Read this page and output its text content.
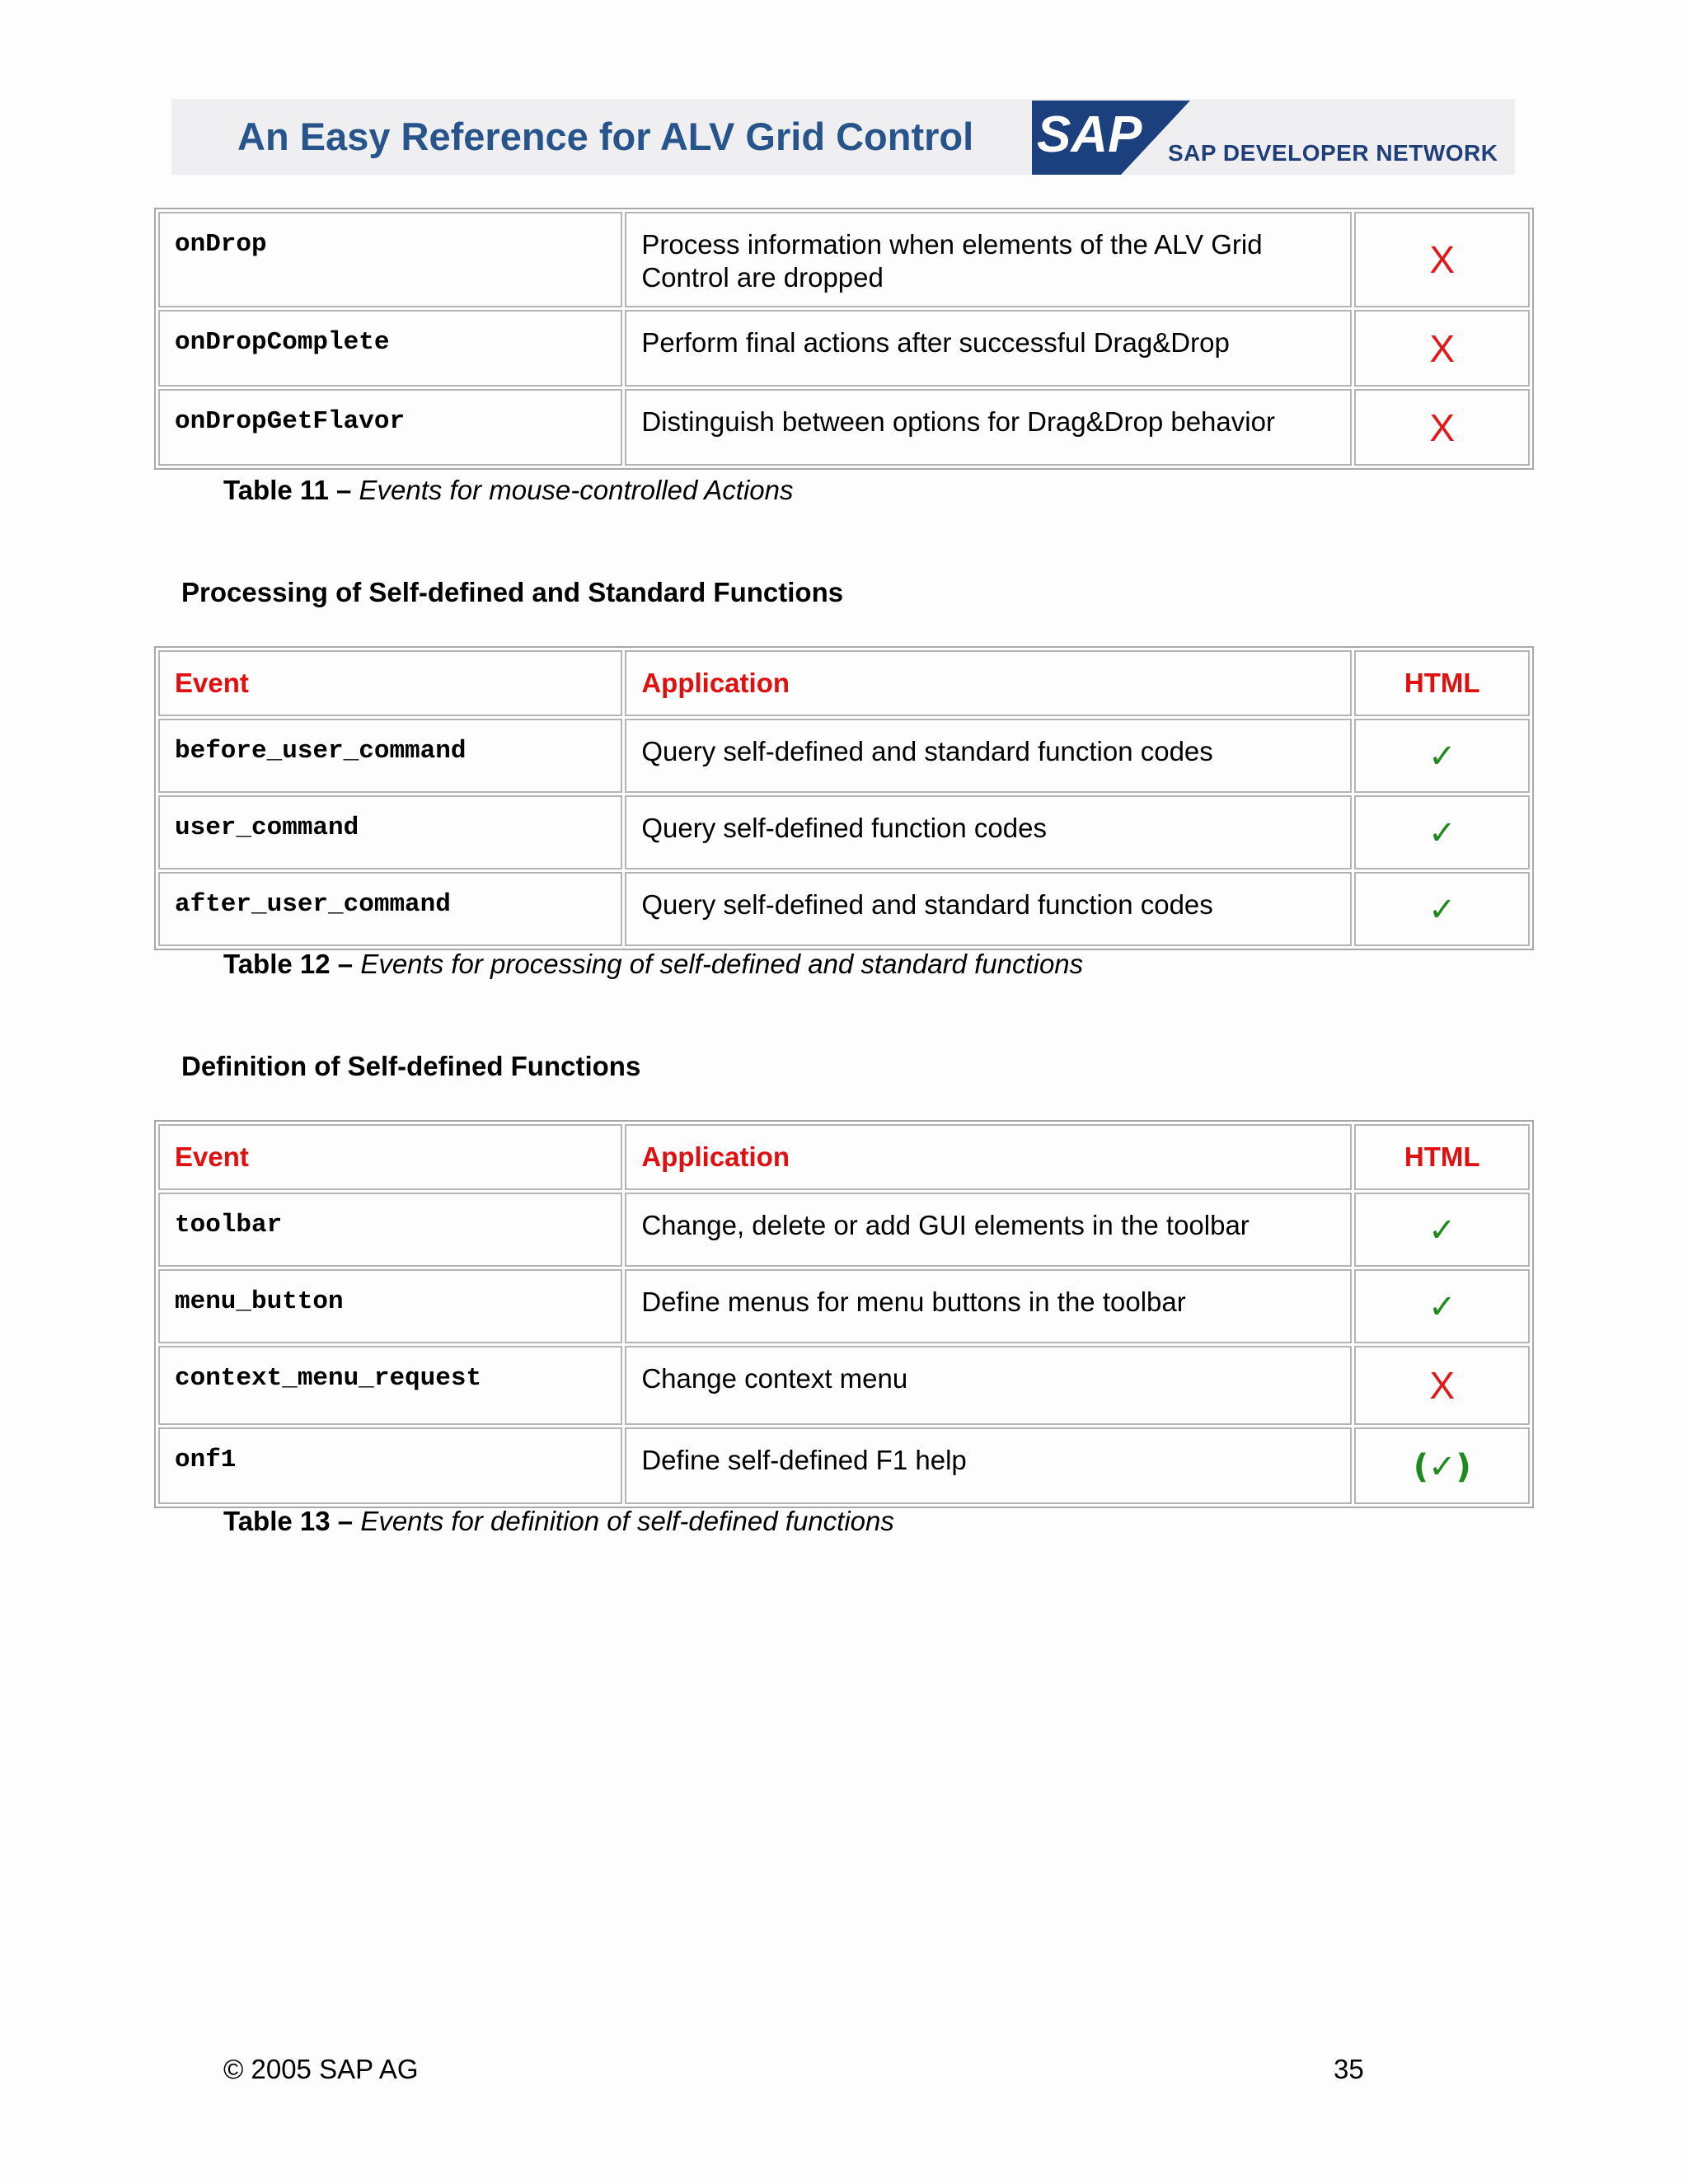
An Easy Reference for ALV Grid Control SAP SAP DEVELOPER NETWORK
onDrop	Process information when elements of the ALV Grid Control are dropped	X
onDropComplete	Perform final actions after successful Drag&Drop	X
onDropGetFlavor	Distinguish between options for Drag&Drop behavior	X
Table 11 – Events for mouse-controlled Actions
Processing of Self-defined and Standard Functions
Event	Application	HTML
before_user_command	Query self-defined and standard function codes	✓
user_command	Query self-defined function codes	✓
after_user_command	Query self-defined and standard function codes	✓
Table 12 – Events for processing of self-defined and standard functions
Definition of Self-defined Functions
Event	Application	HTML
toolbar	Change, delete or add GUI elements in the toolbar	✓
menu_button	Define menus for menu buttons in the toolbar	✓
context_menu_request	Change context menu	X
onf1	Define self-defined F1 help	(✓)
Table 13 – Events for definition of self-defined functions
© 2005 SAP AG	35
